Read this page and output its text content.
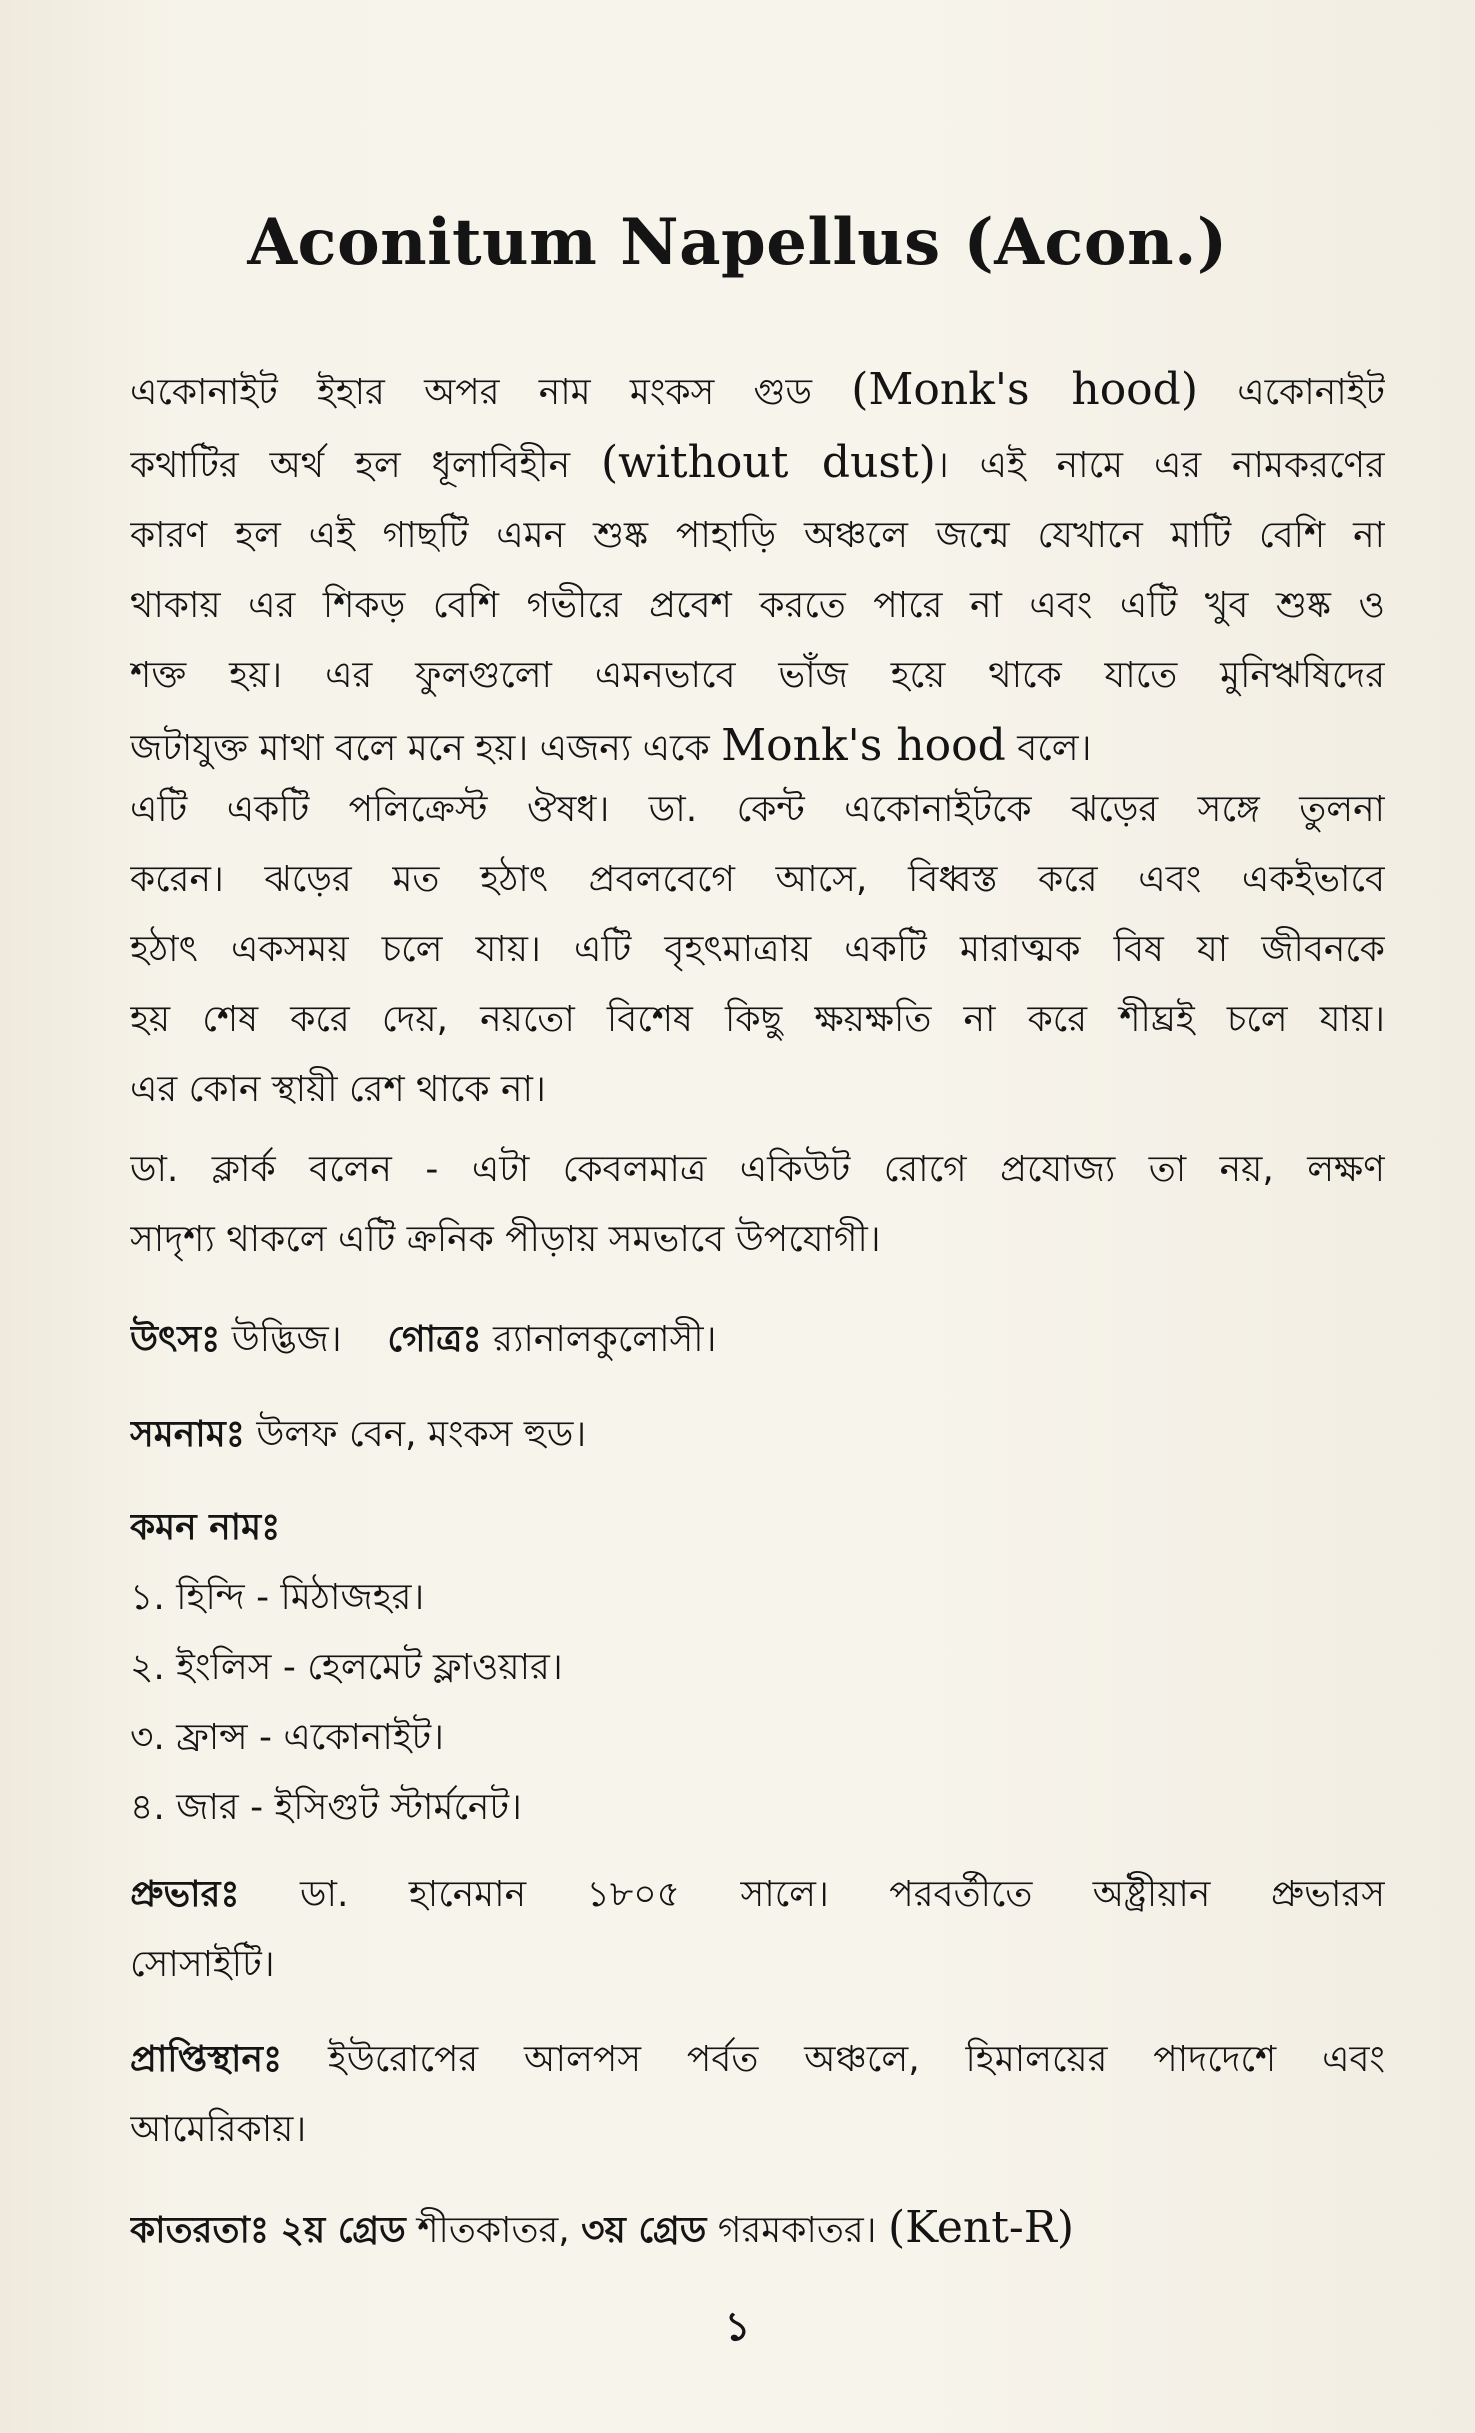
Aconitum Napellus (Acon.)
একোনাইট ইহার অপর নাম মংকস গুড (Monk's hood) একোনাইট
কথাটির অর্থ হল ধূলাবিহীন (without dust)। এই নামে এর নামকরণের
কারণ হল এই গাছটি এমন শুষ্ক পাহাড়ি অঞ্চলে জন্মে যেখানে মাটি বেশি না
থাকায় এর শিকড় বেশি গভীরে প্রবেশ করতে পারে না এবং এটি খুব শুষ্ক ও
শক্ত হয়। এর ফুলগুলো এমনভাবে ভাঁজ হয়ে থাকে যাতে মুনিঋষিদের
জটাযুক্ত মাথা বলে মনে হয়। এজন্য একে Monk's hood বলে।
এটি একটি পলিক্রেস্ট ঔষধ। ডা. কেন্ট একোনাইটকে ঝড়ের সঙ্গে তুলনা
করেন। ঝড়ের মত হঠাৎ প্রবলবেগে আসে, বিধ্বস্ত করে এবং একইভাবে
হঠাৎ একসময় চলে যায়। এটি বৃহৎমাত্রায় একটি মারাত্মক বিষ যা জীবনকে
হয় শেষ করে দেয়, নয়তো বিশেষ কিছু ক্ষয়ক্ষতি না করে শীঘ্রই চলে যায়।
এর কোন স্থায়ী রেশ থাকে না।
ডা. ক্লার্ক বলেন - এটা কেবলমাত্র একিউট রোগে প্রযোজ্য তা নয়, লক্ষণ
সাদৃশ্য থাকলে এটি ক্রনিক পীড়ায় সমভাবে উপযোগী।
উৎসঃ উদ্ভিজ। গোত্রঃ র‍্যানালকুলোসী।
সমনামঃ উলফ বেন, মংকস হুড।
কমন নামঃ
১. হিন্দি - মিঠাজহর।
২. ইংলিস - হেলমেট ফ্লাওয়ার।
৩. ফ্রান্স - একোনাইট।
৪. জার - ইসিগুট স্টার্মনেট।
প্রুভারঃ ডা. হানেমান ১৮০৫ সালে। পরবর্তীতে অষ্ট্রীয়ান প্রুভারস
সোসাইটি।
প্রাপ্তিস্থানঃ ইউরোপের আলপস পর্বত অঞ্চলে, হিমালয়ের পাদদেশে এবং
আমেরিকায়।
কাতরতাঃ ২য় গ্রেড শীতকাতর, ৩য় গ্রেড গরমকাতর। (Kent-R)
১
